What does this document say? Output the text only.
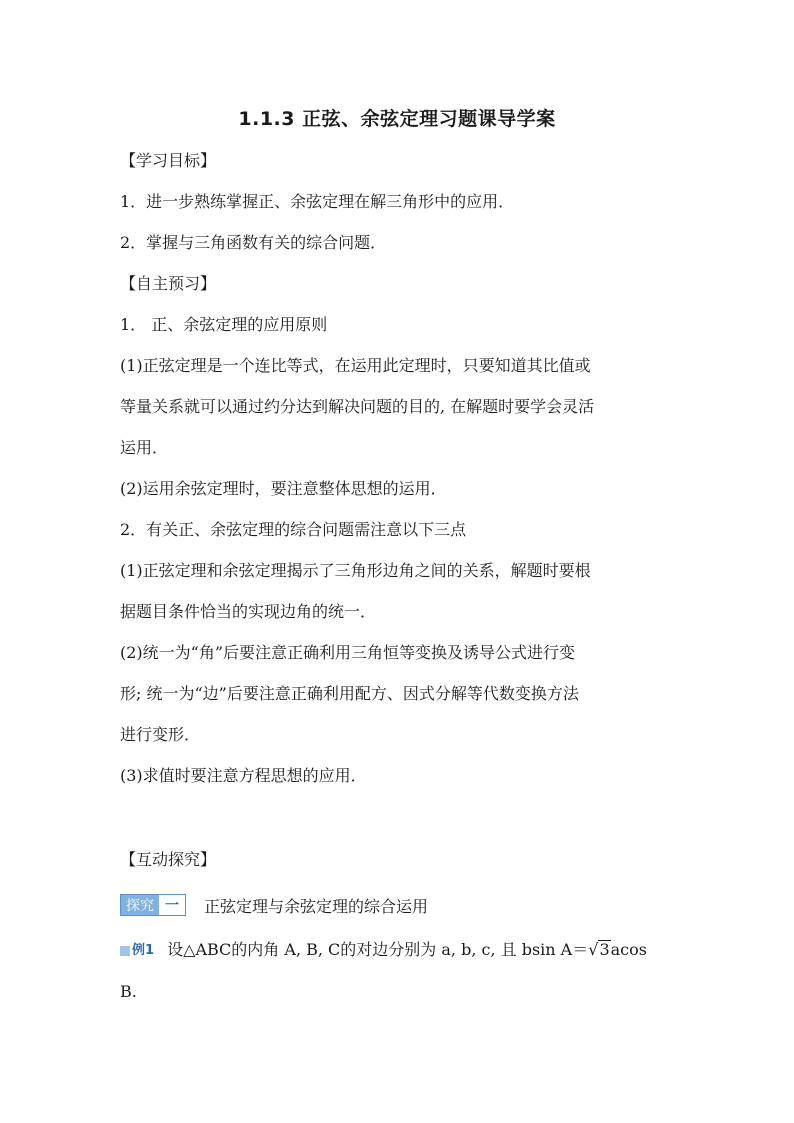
1.1.3 正弦、余弦定理习题课导学案
【学习目标】
1．进一步熟练掌握正、余弦定理在解三角形中的应用．
2．掌握与三角函数有关的综合问题．
【自主预习】
1． 正、余弦定理的应用原则
(1)正弦定理是一个连比等式，在运用此定理时，只要知道其比值或
等量关系就可以通过约分达到解决问题的目的, 在解题时要学会灵活
运用．
(2)运用余弦定理时，要注意整体思想的运用．
2．有关正、余弦定理的综合问题需注意以下三点
(1)正弦定理和余弦定理揭示了三角形边角之间的关系，解题时要根
据题目条件恰当的实现边角的统一．
(2)统一为“角”后要注意正确利用三角恒等变换及诱导公式进行变
形; 统一为“边”后要注意正确利用配方、因式分解等代数变换方法
进行变形．
(3)求值时要注意方程思想的应用．
【互动探究】
探究 一	正弦定理与余弦定理的综合运用
例1 设△ABC的内角 A, B, C的对边分别为 a, b, c, 且 bsin A＝√3acos
B.
